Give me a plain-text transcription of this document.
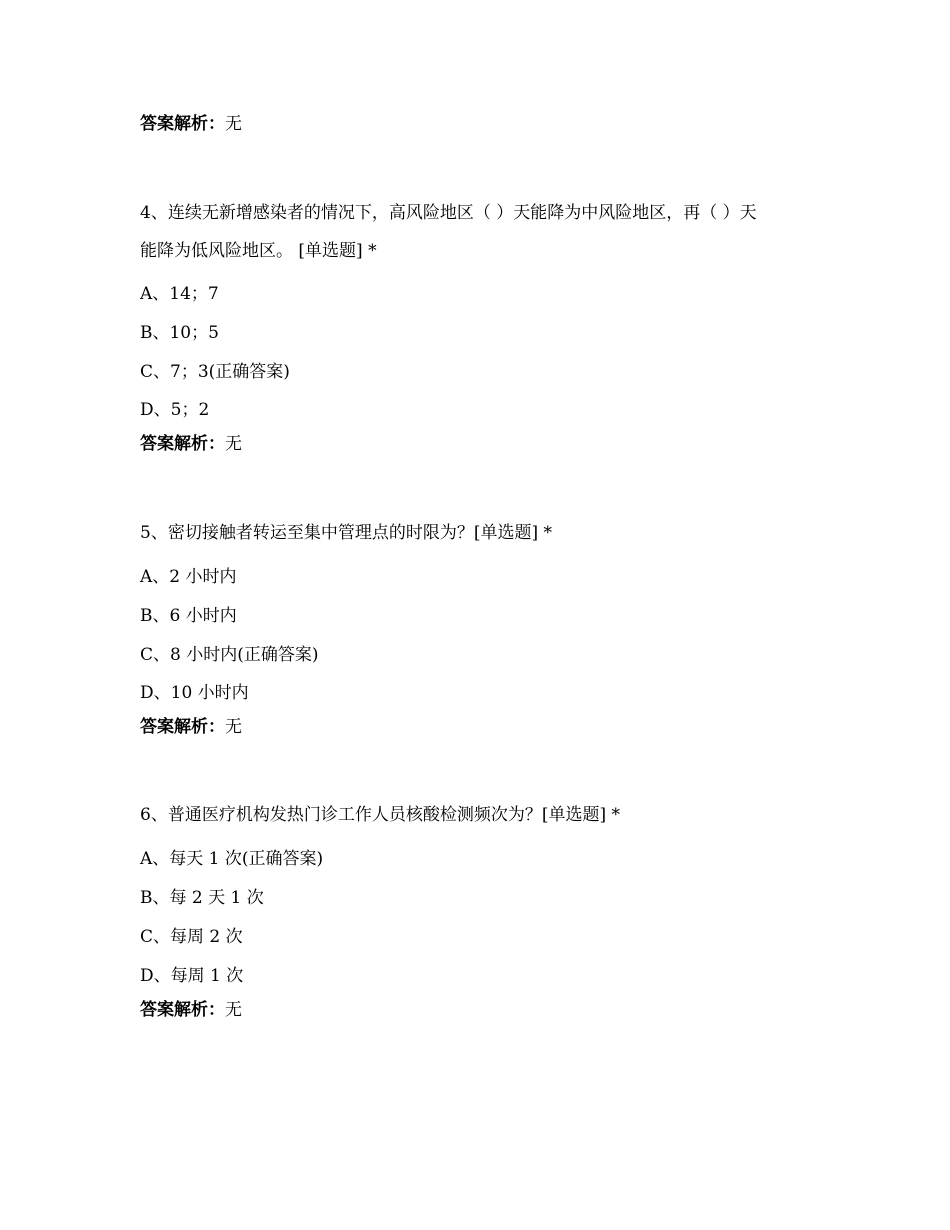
答案解析：无
4、连续无新增感染者的情况下，高风险地区（ ）天能降为中风险地区，再（ ）天
能降为低风险地区。 [单选题] *
A、14；7
B、10；5
C、7；3(正确答案)
D、5；2
答案解析：无
5、密切接触者转运至集中管理点的时限为？[单选题] *
A、2 小时内
B、6 小时内
C、8 小时内(正确答案)
D、10 小时内
答案解析：无
6、普通医疗机构发热门诊工作人员核酸检测频次为？[单选题] *
A、每天 1 次(正确答案)
B、每 2 天 1 次
C、每周 2 次
D、每周 1 次
答案解析：无
